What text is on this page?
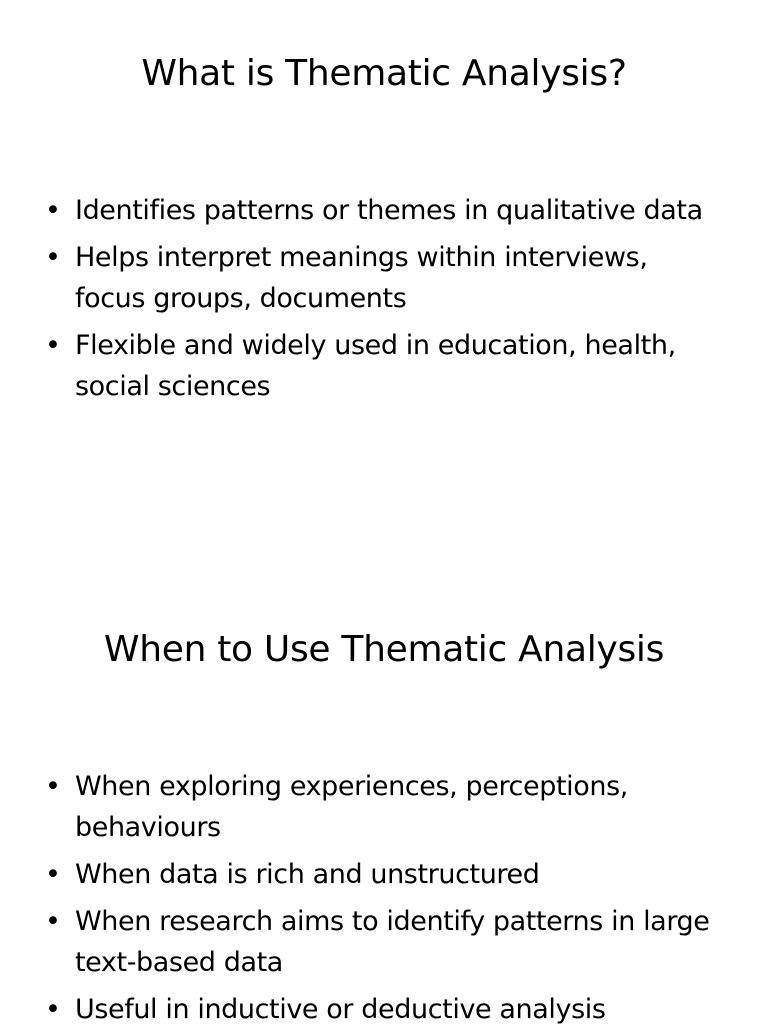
What is Thematic Analysis?
• Identifies patterns or themes in qualitative data
• Helps interpret meanings within interviews, focus groups, documents
• Flexible and widely used in education, health, social sciences
When to Use Thematic Analysis
• When exploring experiences, perceptions, behaviours
• When data is rich and unstructured
• When research aims to identify patterns in large text-based data
• Useful in inductive or deductive analysis
